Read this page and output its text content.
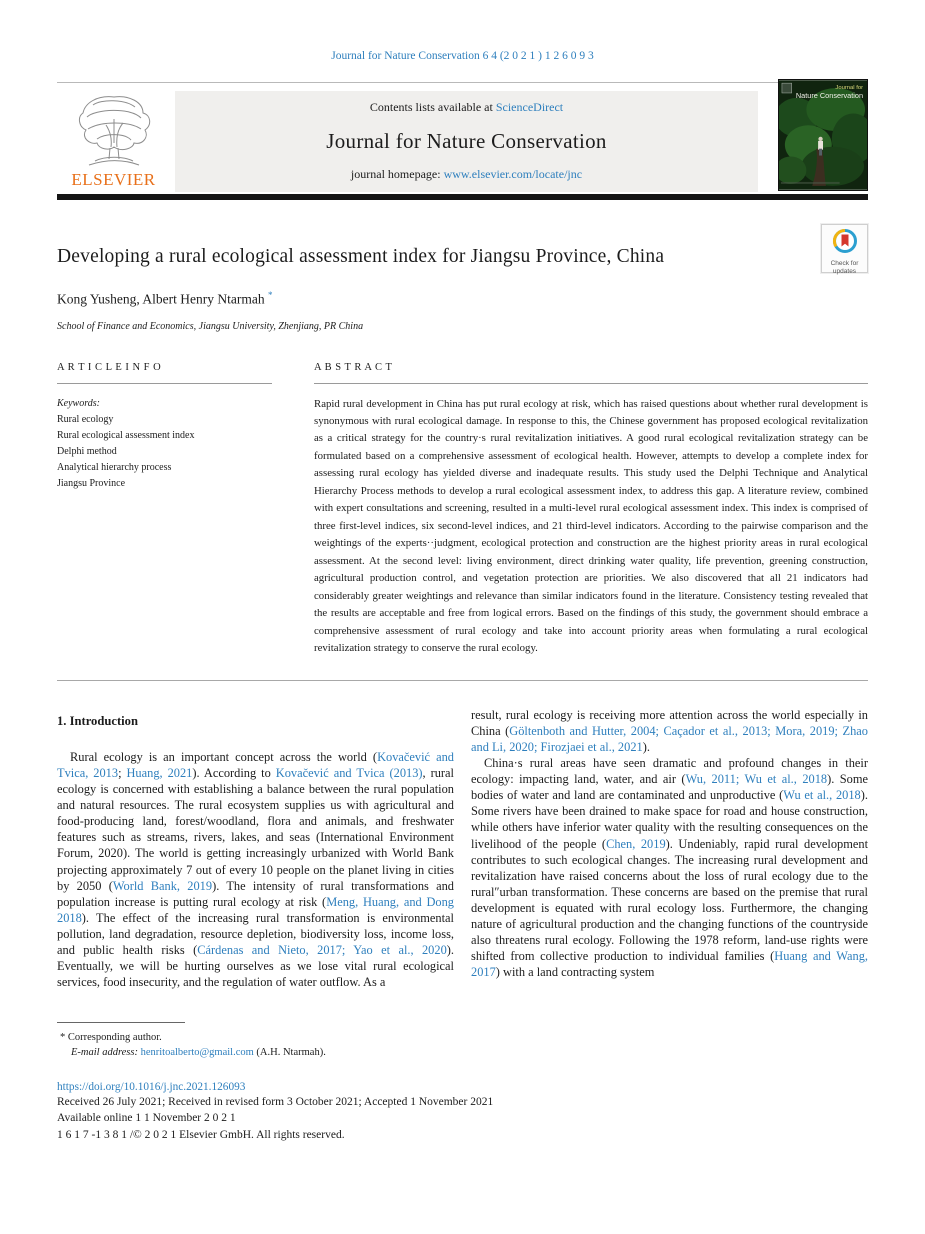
Journal for Nature Conservation 6 4 (2 0 2 1 ) 1 2 6 0 9 3
ELSEVIER
Contents lists available at ScienceDirect
Journal for Nature Conservation
journal homepage: www.elsevier.com/locate/jnc
Journal for
Nature Conservation
Developing a rural ecological assessment index for Jiangsu Province, China	Check for updates
Kong Yusheng, Albert Henry Ntarmah *
School of Finance and Economics, Jiangsu University, Zhenjiang, PR China
A R T I C L E I N F O
Keywords:
Rural ecology
Rural ecological assessment index
Delphi method
Analytical hierarchy process
Jiangsu Province
A B S T R A C T
Rapid rural development in China has put rural ecology at risk, which has raised questions about whether rural development is synonymous with rural ecological damage. In response to this, the Chinese government has proposed ecological revitalization as a critical strategy for the country·s rural revitalization initiatives. A good rural ecological revitalization strategy can be formulated based on a comprehensive assessment of ecological health. However, attempts to develop a complete index for assessing rural ecology has yielded diverse and inadequate results. This study used the Delphi Technique and Analytical Hierarchy Process methods to develop a rural ecological assessment index, to address this gap. A literature review, combined with expert consultations and screening, resulted in a multi-level rural ecological assessment index. This index is comprised of three first-level indices, six second-level indices, and 21 third-level indicators. According to the pairwise comparison and the weightings of the experts··judgment, ecological protection and construction are the highest priority areas in rural ecological assessment. At the second level: living environment, direct drinking water quality, life prevention, greening construction, agricultural production control, and vegetation protection are priorities. We also discovered that all 21 indicators had considerably greater weightings and relevance than similar indicators found in the literature. Consistency testing revealed that the results are acceptable and free from logical errors. Based on the findings of this study, the government should embrace a comprehensive assessment of rural ecology and take into account priority areas when formulating a rural ecological revitalization strategy to conserve the rural ecology.
1. Introduction

Rural ecology is an important concept across the world (Kovačević and Tvica, 2013; Huang, 2021). According to Kovačević and Tvica (2013), rural ecology is concerned with establishing a balance between the rural population and natural resources. The rural ecosystem supplies us with agricultural and food-producing land, forest/woodland, flora and animals, and freshwater features such as streams, rivers, lakes, and seas (International Environment Forum, 2020). The world is getting increasingly urbanized with World Bank projecting approximately 7 out of every 10 people on the planet living in cities by 2050 (World Bank, 2019). The intensity of rural transformations and population increase is putting rural ecology at risk (Meng, Huang, and Dong 2018). The effect of the increasing rural transformation is environmental pollution, land degradation, resource depletion, biodiversity loss, income loss, and public health risks (Cárdenas and Nieto, 2017; Yao et al., 2020). Eventually, we will be hurting ourselves as we lose vital rural ecological services, food insecurity, and the regulation of water outflow. As a

result, rural ecology is receiving more attention across the world especially in China (Göltenboth and Hutter, 2004; Caçador et al., 2013; Mora, 2019; Zhao and Li, 2020; Firozjaei et al., 2021).

China·s rural areas have seen dramatic and profound changes in their ecology: impacting land, water, and air (Wu, 2011; Wu et al., 2018). Some bodies of water and land are contaminated and unproductive (Wu et al., 2018). Some rivers have been drained to make space for road and house construction, while others have inferior water quality with the resulting consequences on the livelihood of the people (Chen, 2019). Undeniably, rapid rural development contributes to such ecological changes. The increasing rural development and revitalization have raised concerns about the loss of rural ecology due to the rural″urban transformation. These concerns are based on the premise that rural development is equated with rural ecology loss. Furthermore, the changing nature of agricultural production and the changing functions of the countryside also threatens rural ecology. Following the 1978 reform, land-use rights were shifted from collective production to individual families (Huang and Wang, 2017) with a land contracting system

* Corresponding author.
E-mail address: henritoalberto@gmail.com (A.H. Ntarmah).
https://doi.org/10.1016/j.jnc.2021.126093
Received 26 July 2021; Received in revised form 3 October 2021; Accepted 1 November 2021
Available online 1 1 November 2 0 2 1
1 6 1 7 -1 3 8 1 /© 2 0 2 1 Elsevier GmbH. All rights reserved.
